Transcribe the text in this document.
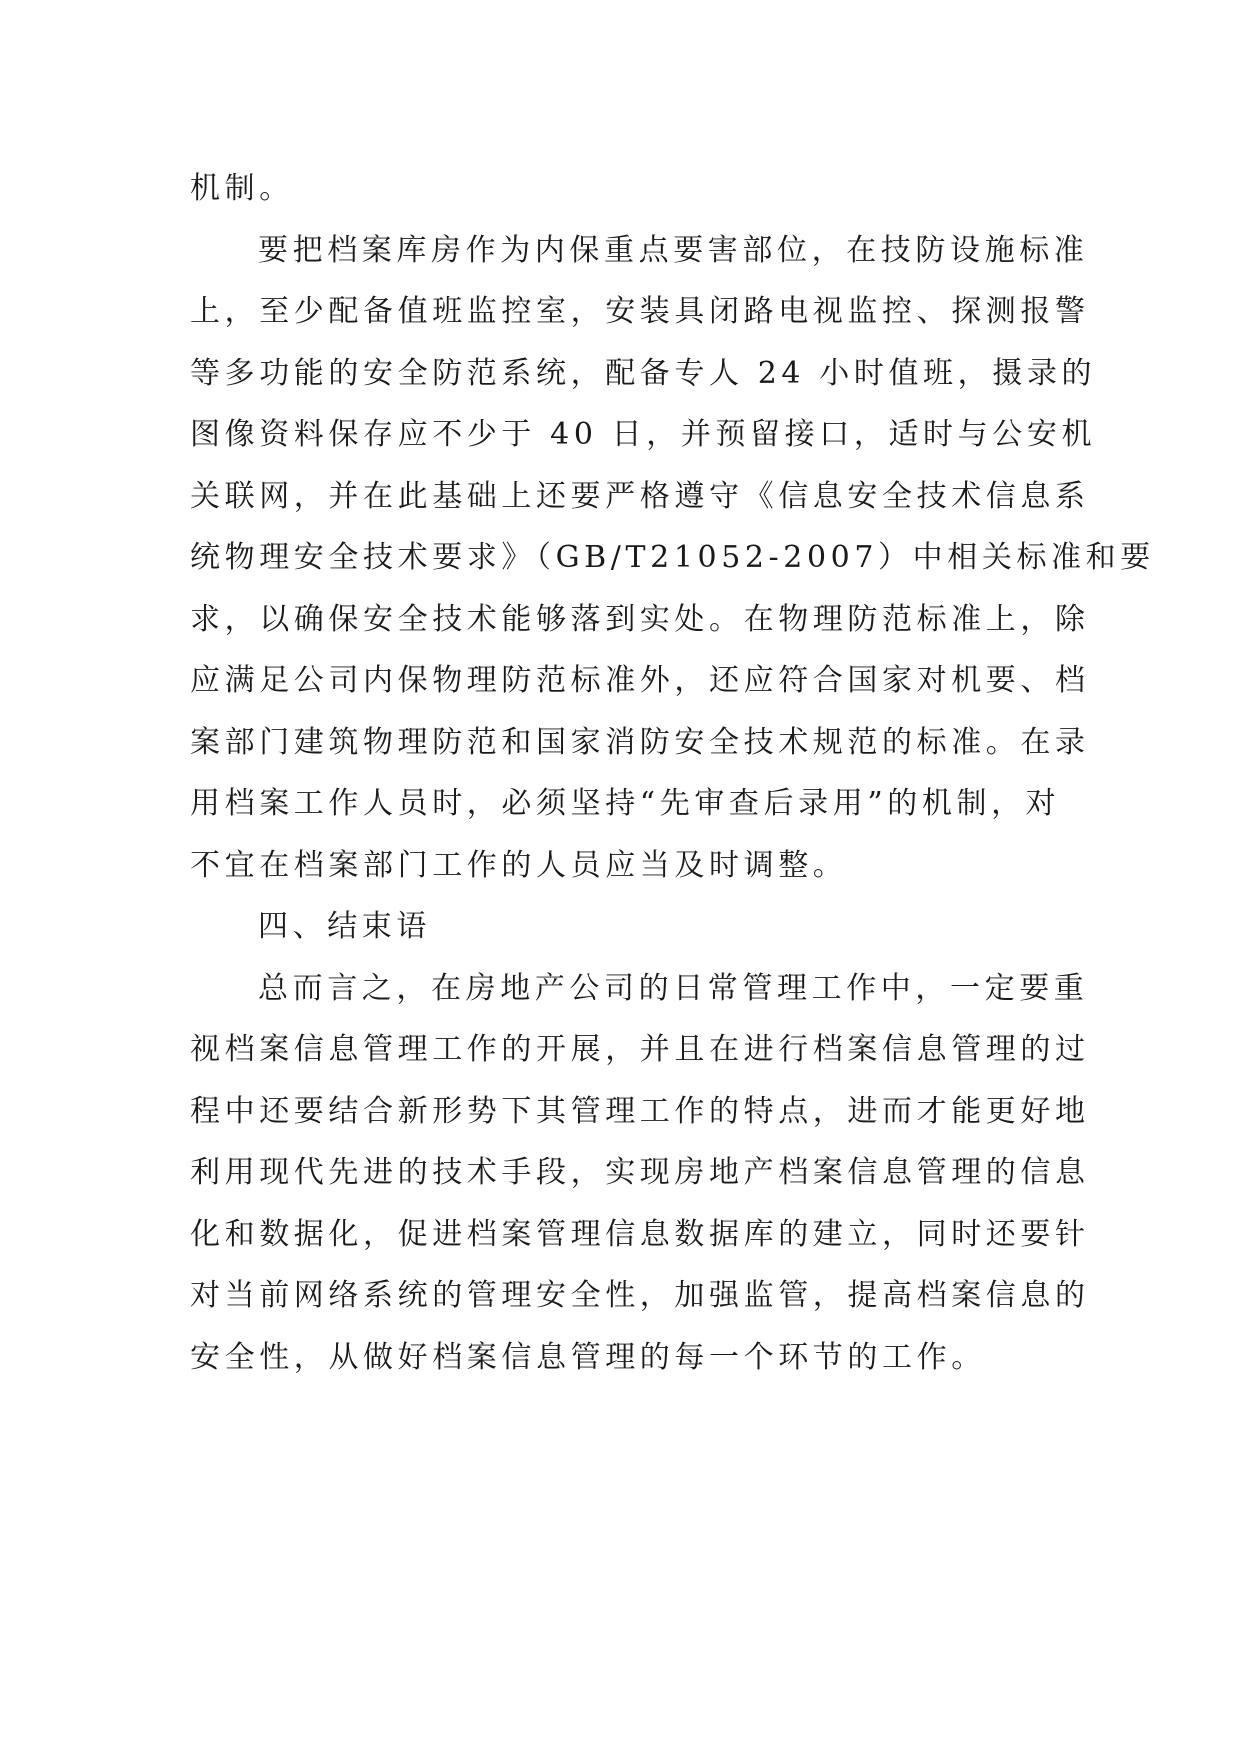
机制。
要把档案库房作为内保重点要害部位，在技防设施标准
上，至少配备值班监控室，安装具闭路电视监控、探测报警
等多功能的安全防范系统，配备专人 24 小时值班，摄录的
图像资料保存应不少于 40 日，并预留接口，适时与公安机
关联网，并在此基础上还要严格遵守《信息安全技术信息系
统物理安全技术要求》（GB/T21052-2007）中相关标准和要
求，以确保安全技术能够落到实处。在物理防范标准上，除
应满足公司内保物理防范标准外，还应符合国家对机要、档
案部门建筑物理防范和国家消防安全技术规范的标准。在录
用档案工作人员时，必须坚持“先审查后录用”的机制，对
不宜在档案部门工作的人员应当及时调整。
四、结束语
总而言之，在房地产公司的日常管理工作中，一定要重
视档案信息管理工作的开展，并且在进行档案信息管理的过
程中还要结合新形势下其管理工作的特点，进而才能更好地
利用现代先进的技术手段，实现房地产档案信息管理的信息
化和数据化，促进档案管理信息数据库的建立，同时还要针
对当前网络系统的管理安全性，加强监管，提高档案信息的
安全性，从做好档案信息管理的每一个环节的工作。
